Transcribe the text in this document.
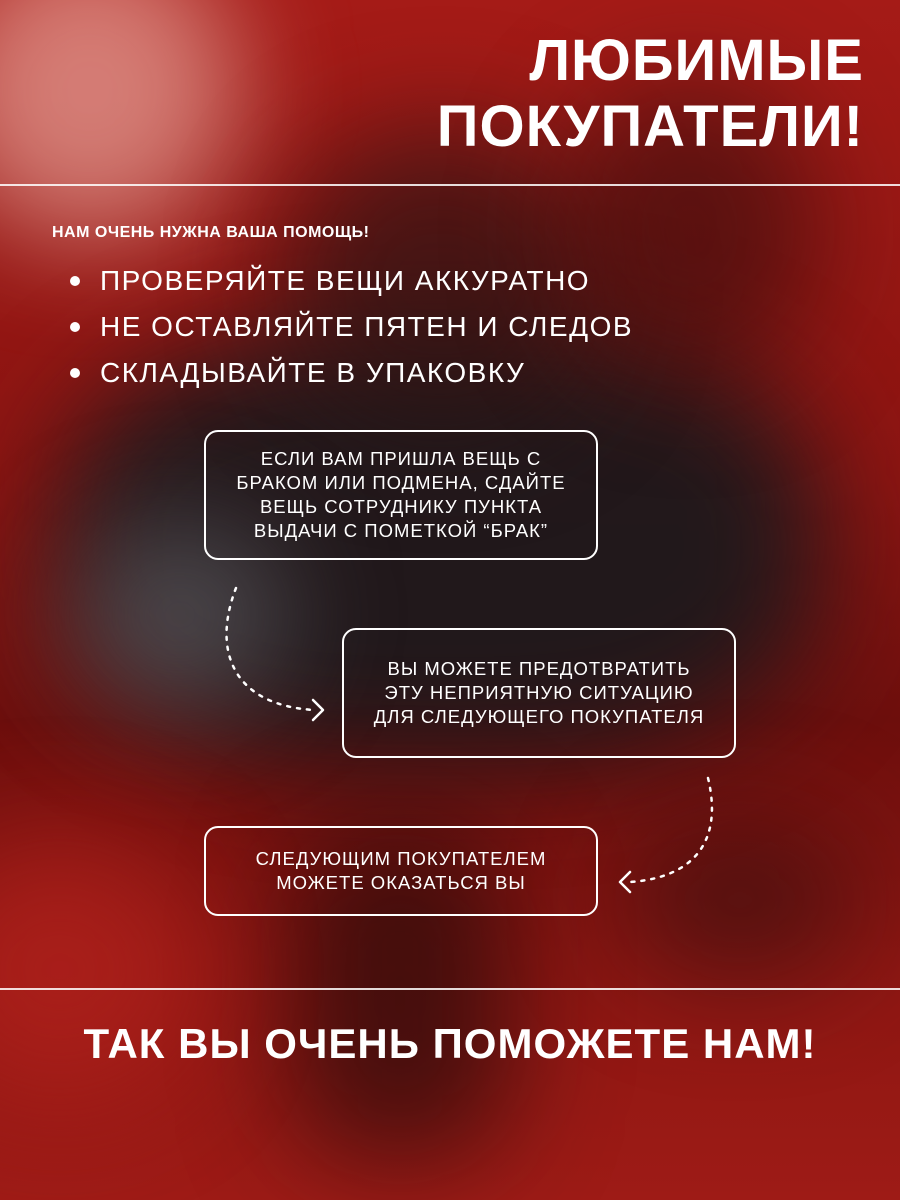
ЛЮБИМЫЕ
ПОКУПАТЕЛИ!

НАМ ОЧЕНЬ НУЖНА ВАША ПОМОЩЬ!

ПРОВЕРЯЙТЕ ВЕЩИ АККУРАТНО
НЕ ОСТАВЛЯЙТЕ ПЯТЕН И СЛЕДОВ
СКЛАДЫВАЙТЕ В УПАКОВКУ
ЕСЛИ ВАМ ПРИШЛА ВЕЩЬ С
БРАКОМ ИЛИ ПОДМЕНА, СДАЙТЕ
ВЕЩЬ СОТРУДНИКУ ПУНКТА
ВЫДАЧИ С ПОМЕТКОЙ “БРАК”
ВЫ МОЖЕТЕ ПРЕДОТВРАТИТЬ
ЭТУ НЕПРИЯТНУЮ СИТУАЦИЮ
ДЛЯ СЛЕДУЮЩЕГО ПОКУПАТЕЛЯ
СЛЕДУЮЩИМ ПОКУПАТЕЛЕМ
МОЖЕТЕ ОКАЗАТЬСЯ ВЫ

ТАК ВЫ ОЧЕНЬ ПОМОЖЕТЕ НАМ!
